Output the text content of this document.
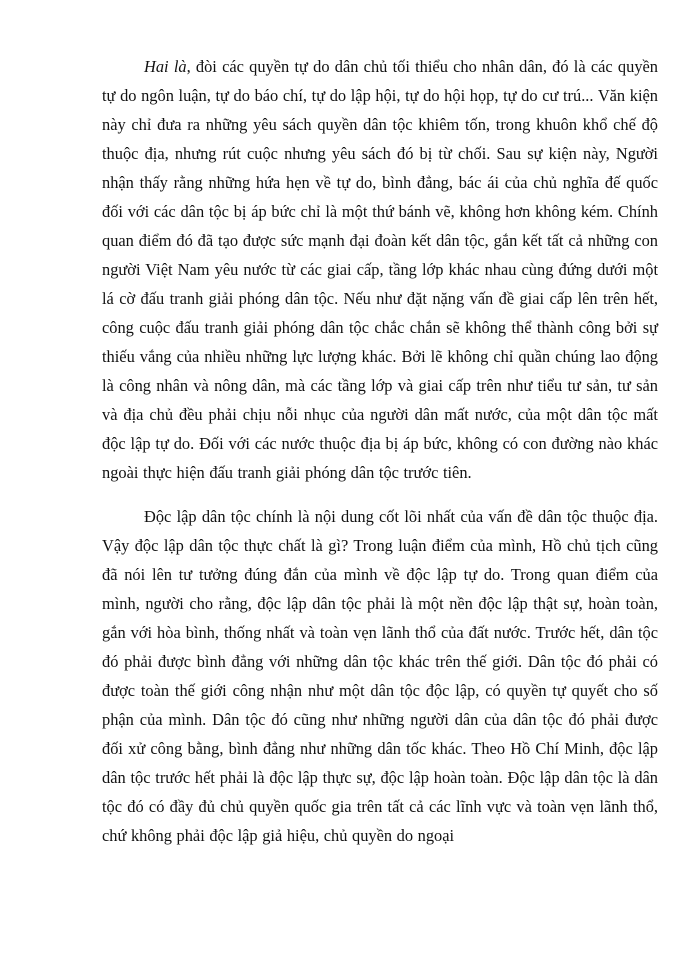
Hai là, đòi các quyền tự do dân chủ tối thiểu cho nhân dân, đó là các quyền tự do ngôn luận, tự do báo chí, tự do lập hội, tự do hội họp, tự do cư trú... Văn kiện này chỉ đưa ra những yêu sách quyền dân tộc khiêm tốn, trong khuôn khổ chế độ thuộc địa, nhưng rút cuộc nhưng yêu sách đó bị từ chối. Sau sự kiện này, Người nhận thấy rằng những hứa hẹn về tự do, bình đẳng, bác ái của chủ nghĩa đế quốc đối với các dân tộc bị áp bức chỉ là một thứ bánh vẽ, không hơn không kém. Chính quan điểm đó đã tạo được sức mạnh đại đoàn kết dân tộc, gắn kết tất cả những con người Việt Nam yêu nước từ các giai cấp, tầng lớp khác nhau cùng đứng dưới một lá cờ đấu tranh giải phóng dân tộc. Nếu như đặt nặng vấn đề giai cấp lên trên hết, công cuộc đấu tranh giải phóng dân tộc chắc chắn sẽ không thể thành công bởi sự thiếu vắng của nhiều những lực lượng khác. Bởi lẽ không chỉ quần chúng lao động là công nhân và nông dân, mà các tầng lớp và giai cấp trên như tiểu tư sản, tư sản và địa chủ đều phải chịu nỗi nhục của người dân mất nước, của một dân tộc mất độc lập tự do. Đối với các nước thuộc địa bị áp bức, không có con đường nào khác ngoài thực hiện đấu tranh giải phóng dân tộc trước tiên.

Độc lập dân tộc chính là nội dung cốt lõi nhất của vấn đề dân tộc thuộc địa. Vậy độc lập dân tộc thực chất là gì? Trong luận điểm của mình, Hồ chủ tịch cũng đã nói lên tư tưởng đúng đắn của mình về độc lập tự do. Trong quan điểm của mình, người cho rằng, độc lập dân tộc phải là một nền độc lập thật sự, hoàn toàn, gắn với hòa bình, thống nhất và toàn vẹn lãnh thổ của đất nước. Trước hết, dân tộc đó phải được bình đẳng với những dân tộc khác trên thế giới. Dân tộc đó phải có được toàn thế giới công nhận như một dân tộc độc lập, có quyền tự quyết cho số phận của mình. Dân tộc đó cũng như những người dân của dân tộc đó phải được đối xử công bằng, bình đẳng như những dân tốc khác. Theo Hồ Chí Minh, độc lập dân tộc trước hết phải là độc lập thực sự, độc lập hoàn toàn. Độc lập dân tộc là dân tộc đó có đầy đủ chủ quyền quốc gia trên tất cả các lĩnh vực và toàn vẹn lãnh thổ, chứ không phải độc lập giả hiệu, chủ quyền do ngoại
